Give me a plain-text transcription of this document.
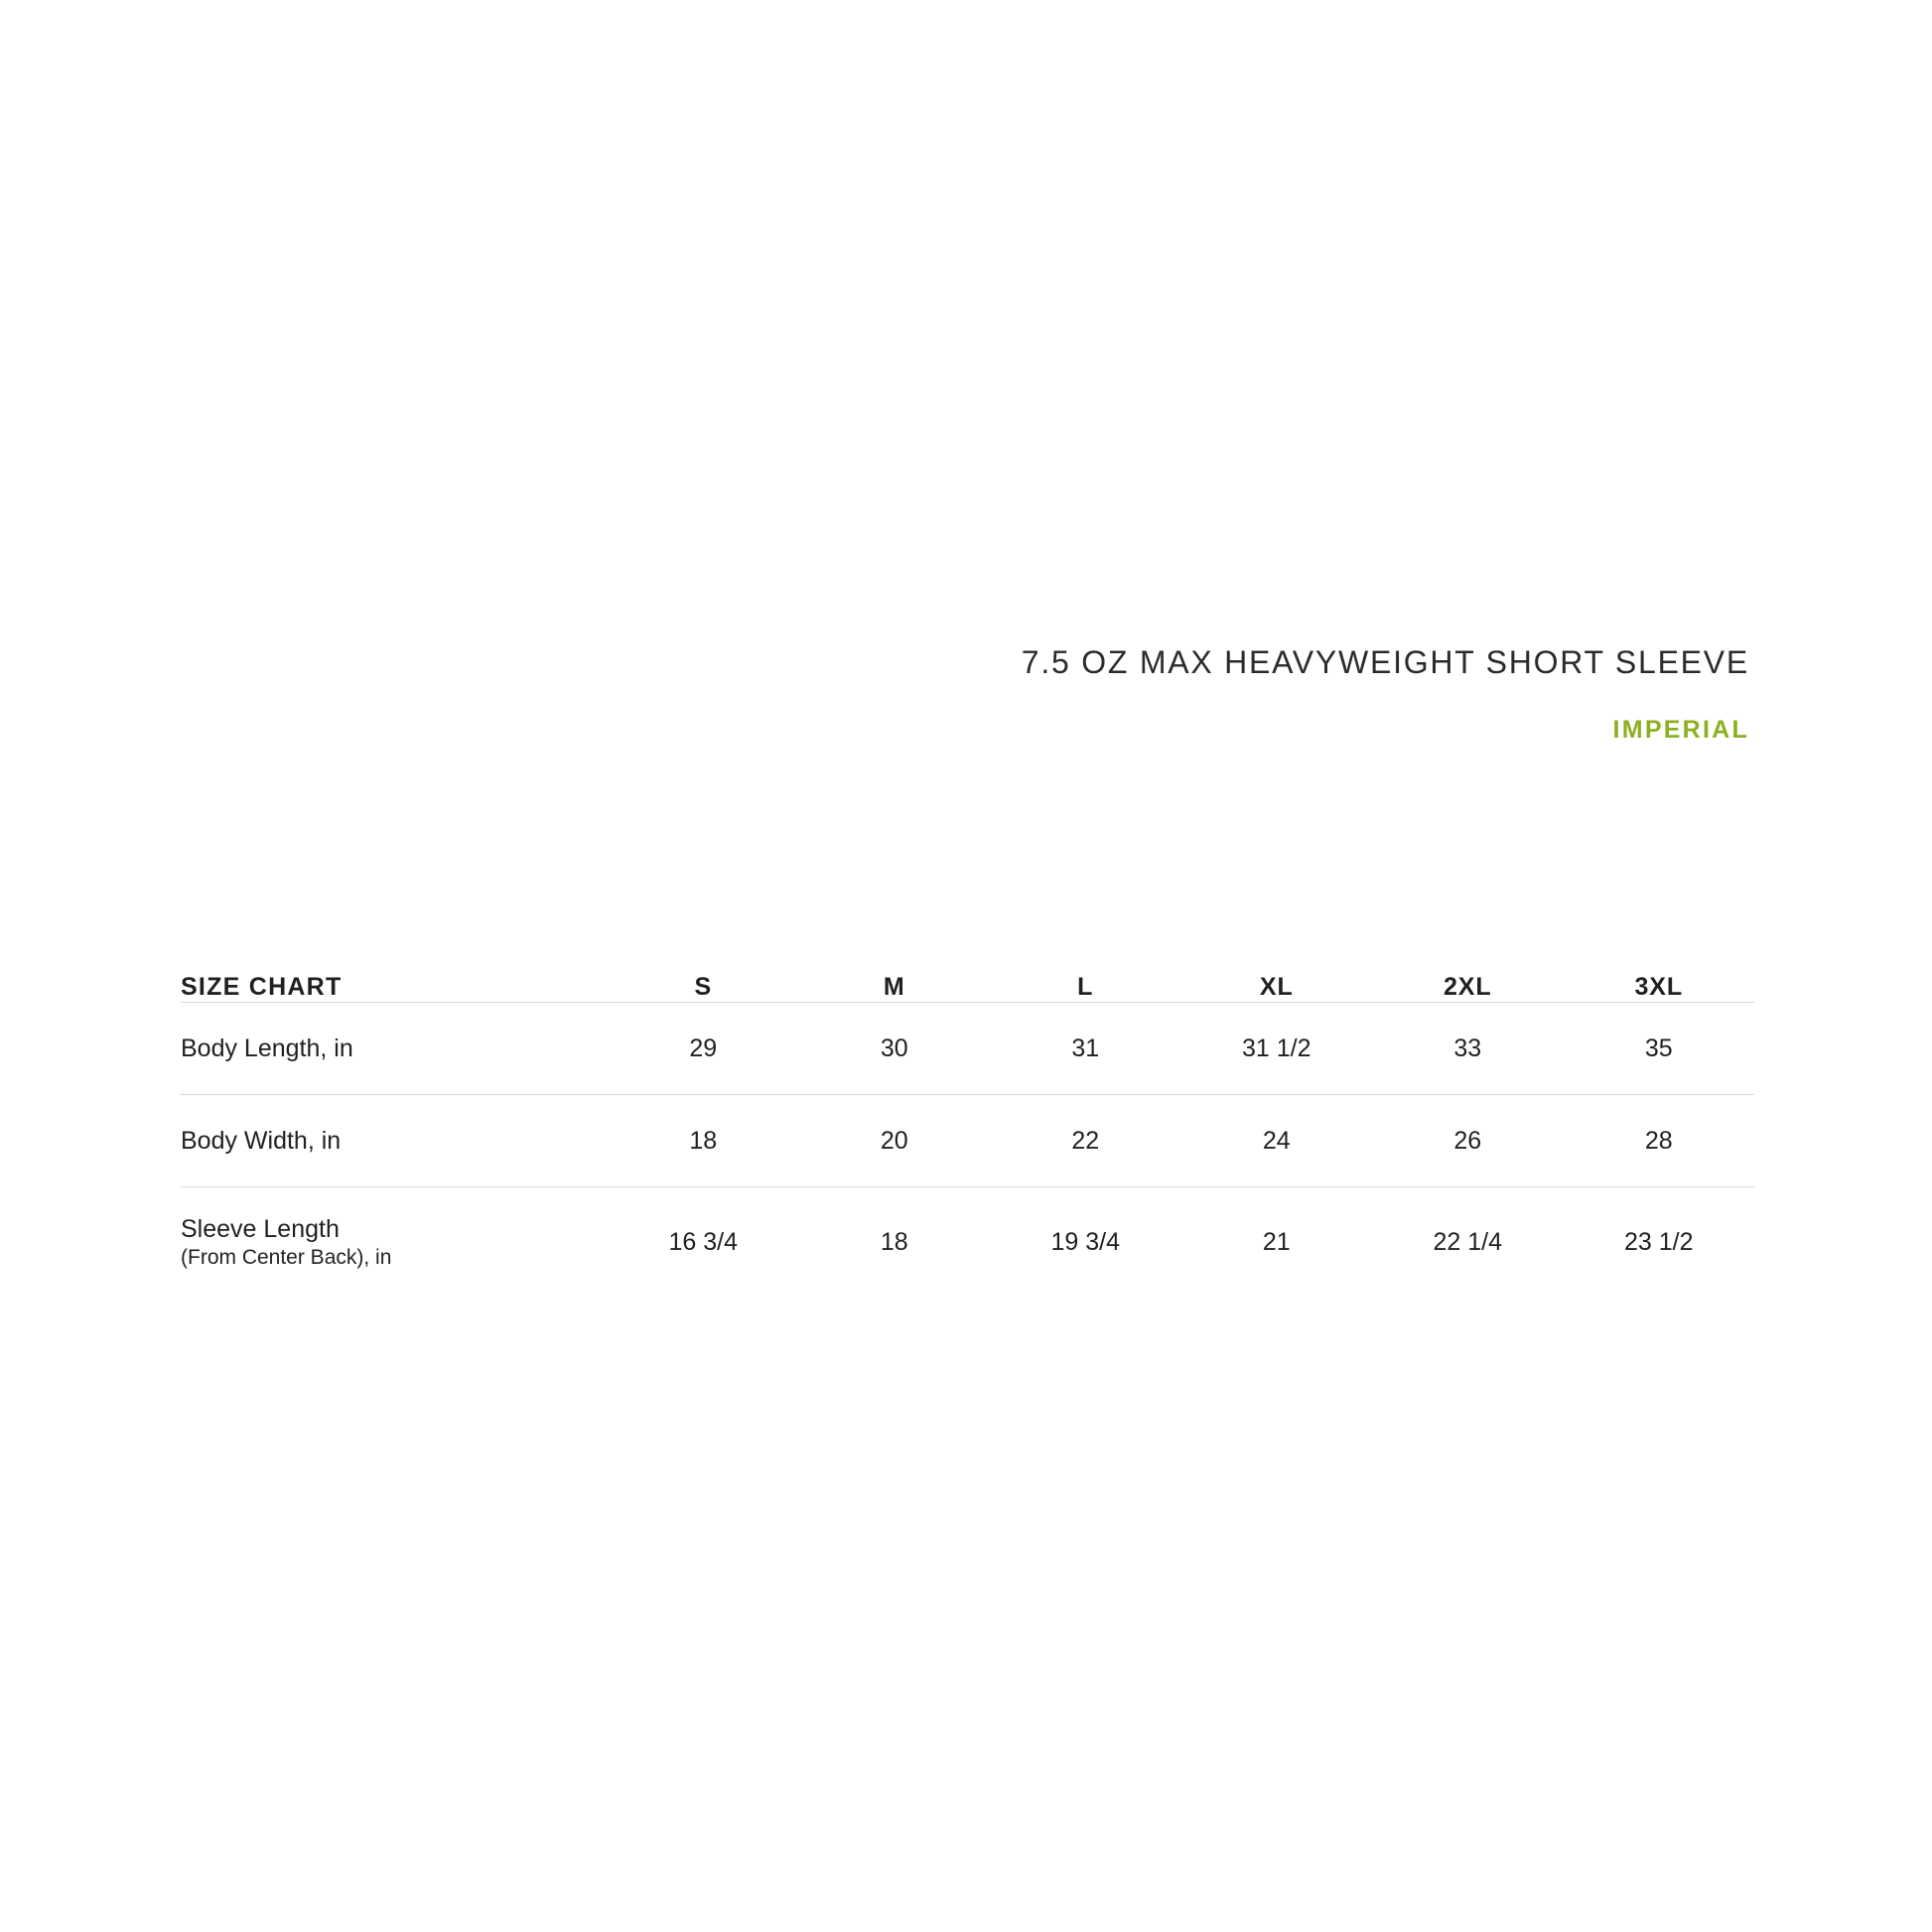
7.5 OZ MAX HEAVYWEIGHT SHORT SLEEVE
IMPERIAL
SIZE CHART	S	M	L	XL	2XL	3XL

Body Length, in	29	30	31	31 1/2	33	35

Body Width, in	18	20	22	24	26	28

Sleeve Length
(From Center Back), in	16 3/4	18	19 3/4	21	22 1/4	23 1/2
